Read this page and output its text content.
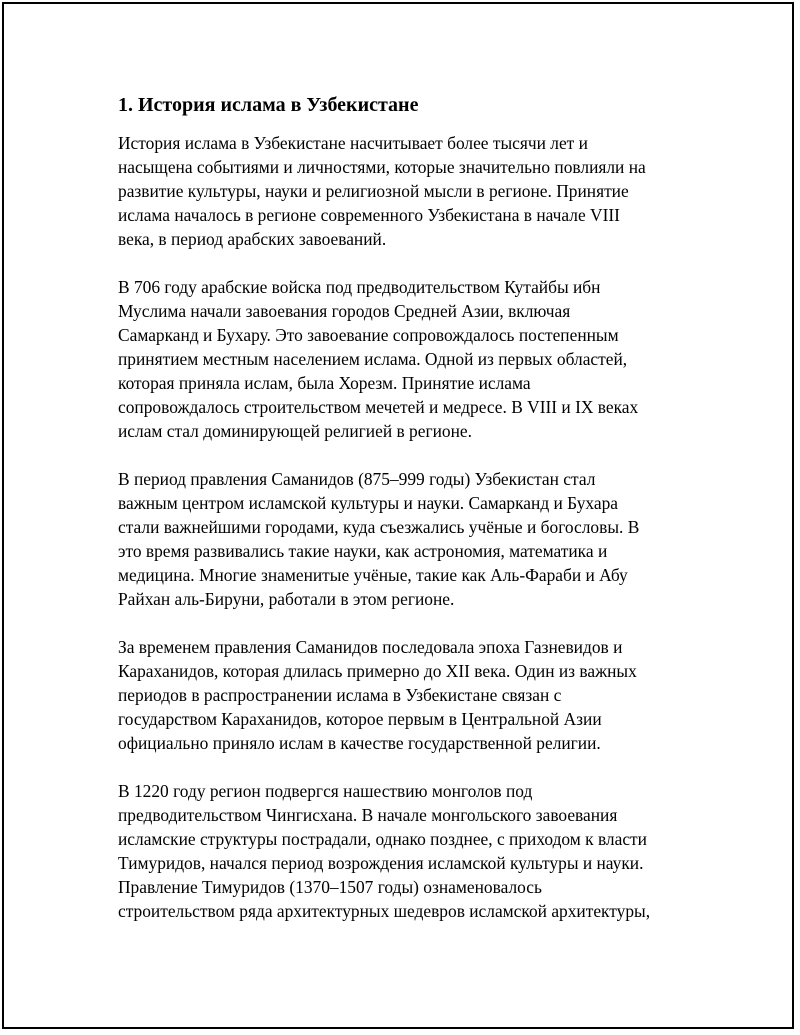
1. История ислама в Узбекистане

История ислама в Узбекистане насчитывает более тысячи лет и
насыщена событиями и личностями, которые значительно повлияли на
развитие культуры, науки и религиозной мысли в регионе. Принятие
ислама началось в регионе современного Узбекистана в начале VIII
века, в период арабских завоеваний.

В 706 году арабские войска под предводительством Кутайбы ибн
Муслима начали завоевания городов Средней Азии, включая
Самарканд и Бухару. Это завоевание сопровождалось постепенным
принятием местным населением ислама. Одной из первых областей,
которая приняла ислам, была Хорезм. Принятие ислама
сопровождалось строительством мечетей и медресе. В VIII и IX веках
ислам стал доминирующей религией в регионе.

В период правления Саманидов (875–999 годы) Узбекистан стал
важным центром исламской культуры и науки. Самарканд и Бухара
стали важнейшими городами, куда съезжались учёные и богословы. В
это время развивались такие науки, как астрономия, математика и
медицина. Многие знаменитые учёные, такие как Аль-Фараби и Абу
Райхан аль-Бируни, работали в этом регионе.

За временем правления Саманидов последовала эпоха Газневидов и
Караханидов, которая длилась примерно до XII века. Один из важных
периодов в распространении ислама в Узбекистане связан с
государством Караханидов, которое первым в Центральной Азии
официально приняло ислам в качестве государственной религии.

В 1220 году регион подвергся нашествию монголов под
предводительством Чингисхана. В начале монгольского завоевания
исламские структуры пострадали, однако позднее, с приходом к власти
Тимуридов, начался период возрождения исламской культуры и науки.
Правление Тимуридов (1370–1507 годы) ознаменовалось
строительством ряда архитектурных шедевров исламской архитектуры,
